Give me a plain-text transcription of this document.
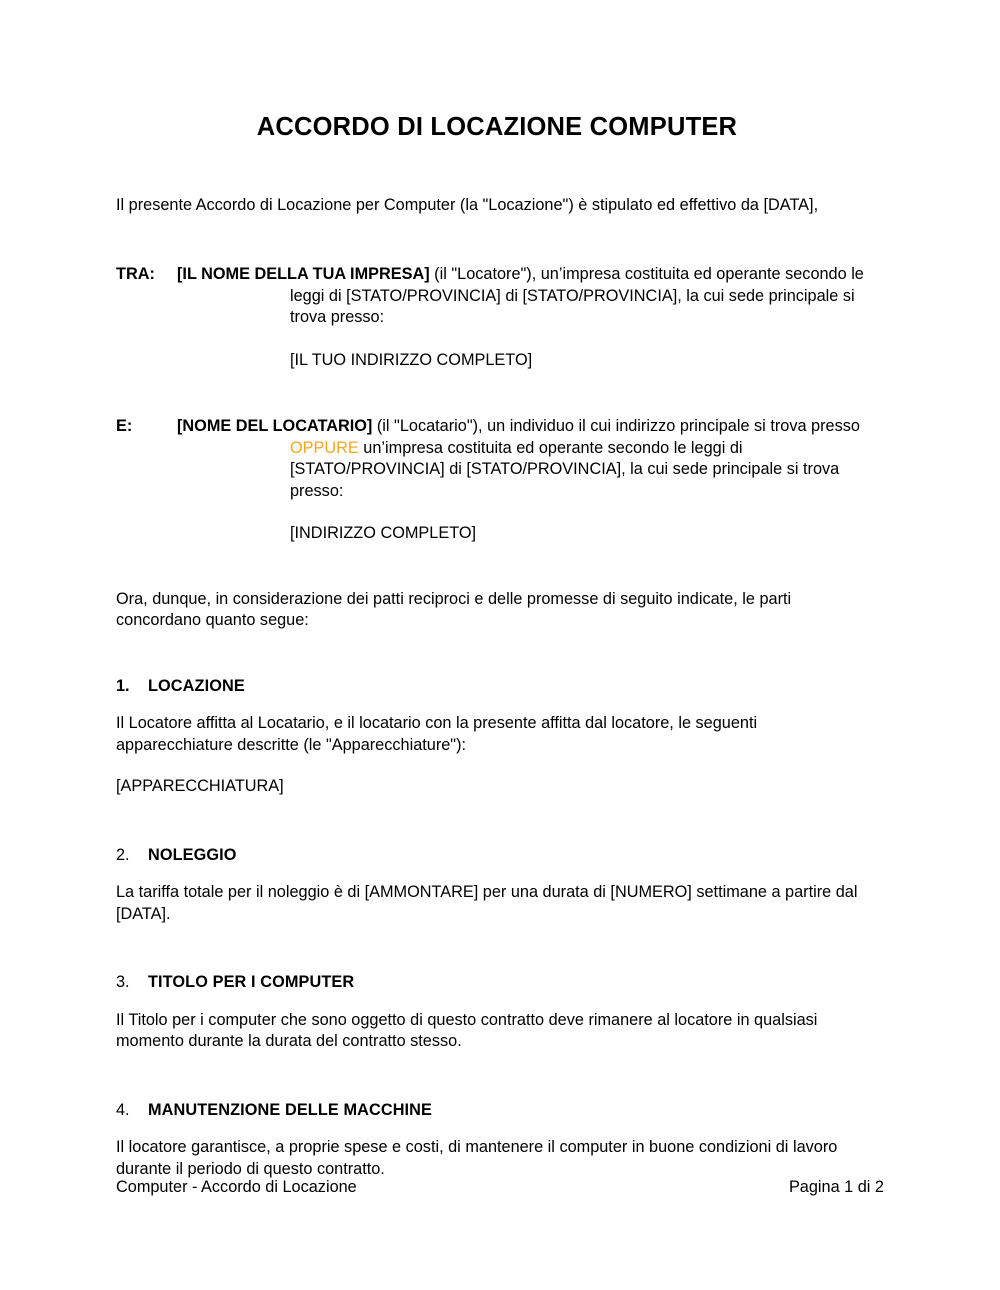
ACCORDO DI LOCAZIONE COMPUTER

Il presente Accordo di Locazione per Computer (la "Locazione") è stipulato ed effettivo da [DATA],

TRA:	[IL NOME DELLA TUA IMPRESA] (il "Locatore"), un’impresa costituita ed operante secondo le leggi di [STATO/PROVINCIA] di [STATO/PROVINCIA], la cui sede principale si trova presso:
[IL TUO INDIRIZZO COMPLETO]
E:	[NOME DEL LOCATARIO] (il "Locatario"), un individuo il cui indirizzo principale si trova presso OPPURE un’impresa costituita ed operante secondo le leggi di [STATO/PROVINCIA] di [STATO/PROVINCIA], la cui sede principale si trova presso:
[INDIRIZZO COMPLETO]

Ora, dunque, in considerazione dei patti reciproci e delle promesse di seguito indicate, le parti concordano quanto segue:

1. LOCAZIONE

Il Locatore affitta al Locatario, e il locatario con la presente affitta dal locatore, le seguenti apparecchiature descritte (le "Apparecchiature"):

[APPARECCHIATURA]

2. NOLEGGIO

La tariffa totale per il noleggio è di [AMMONTARE] per una durata di [NUMERO] settimane a partire dal [DATA].

3. TITOLO PER I COMPUTER

Il Titolo per i computer che sono oggetto di questo contratto deve rimanere al locatore in qualsiasi momento durante la durata del contratto stesso.

4. MANUTENZIONE DELLE MACCHINE

Il locatore garantisce, a proprie spese e costi, di mantenere il computer in buone condizioni di lavoro durante il periodo di questo contratto.

Computer - Accordo di Locazione	Pagina 1 di 2
